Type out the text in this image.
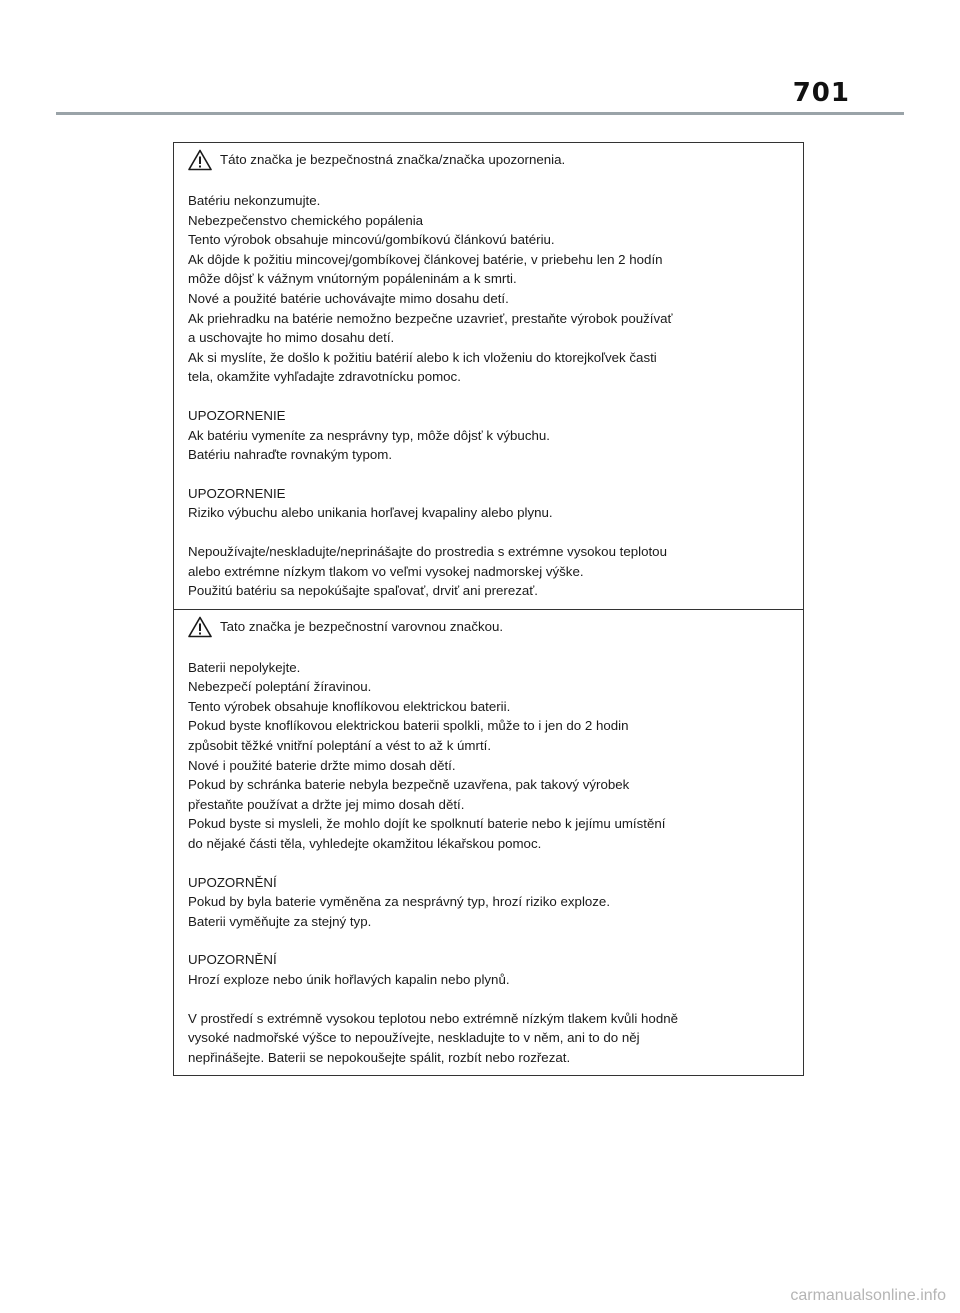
701
Táto značka je bezpečnostná značka/značka upozornenia.
Batériu nekonzumujte.
Nebezpečenstvo chemického popálenia
Tento výrobok obsahuje mincovú/gombíkovú článkovú batériu.
Ak dôjde k požitiu mincovej/gombíkovej článkovej batérie, v priebehu len 2 hodín
môže dôjsť k vážnym vnútorným popáleninám a k smrti.
Nové a použité batérie uchovávajte mimo dosahu detí.
Ak priehradku na batérie nemožno bezpečne uzavrieť, prestaňte výrobok používať
a uschovajte ho mimo dosahu detí.
Ak si myslíte, že došlo k požitiu batérií alebo k ich vloženiu do ktorejkoľvek časti
tela, okamžite vyhľadajte zdravotnícku pomoc.
UPOZORNENIE
Ak batériu vymeníte za nesprávny typ, môže dôjsť k výbuchu.
Batériu nahraďte rovnakým typom.
UPOZORNENIE
Riziko výbuchu alebo unikania horľavej kvapaliny alebo plynu.
Nepoužívajte/neskladujte/neprinášajte do prostredia s extrémne vysokou teplotou
alebo extrémne nízkym tlakom vo veľmi vysokej nadmorskej výške.
Použitú batériu sa nepokúšajte spaľovať, drviť ani prerezať.
Tato značka je bezpečnostní varovnou značkou.
Baterii nepolykejte.
Nebezpečí poleptání žíravinou.
Tento výrobek obsahuje knoflíkovou elektrickou baterii.
Pokud byste knoflíkovou elektrickou baterii spolkli, může to i jen do 2 hodin
způsobit těžké vnitřní poleptání a vést to až k úmrtí.
Nové i použité baterie držte mimo dosah dětí.
Pokud by schránka baterie nebyla bezpečně uzavřena, pak takový výrobek
přestaňte používat a držte jej mimo dosah dětí.
Pokud byste si mysleli, že mohlo dojít ke spolknutí baterie nebo k jejímu umístění
do nějaké části těla, vyhledejte okamžitou lékařskou pomoc.
UPOZORNĚNÍ
Pokud by byla baterie vyměněna za nesprávný typ, hrozí riziko exploze.
Baterii vyměňujte za stejný typ.
UPOZORNĚNÍ
Hrozí exploze nebo únik hořlavých kapalin nebo plynů.
V prostředí s extrémně vysokou teplotou nebo extrémně nízkým tlakem kvůli hodně
vysoké nadmořské výšce to nepoužívejte, neskladujte to v něm, ani to do něj
nepřinášejte. Baterii se nepokoušejte spálit, rozbít nebo rozřezat.
carmanualsonline.info
